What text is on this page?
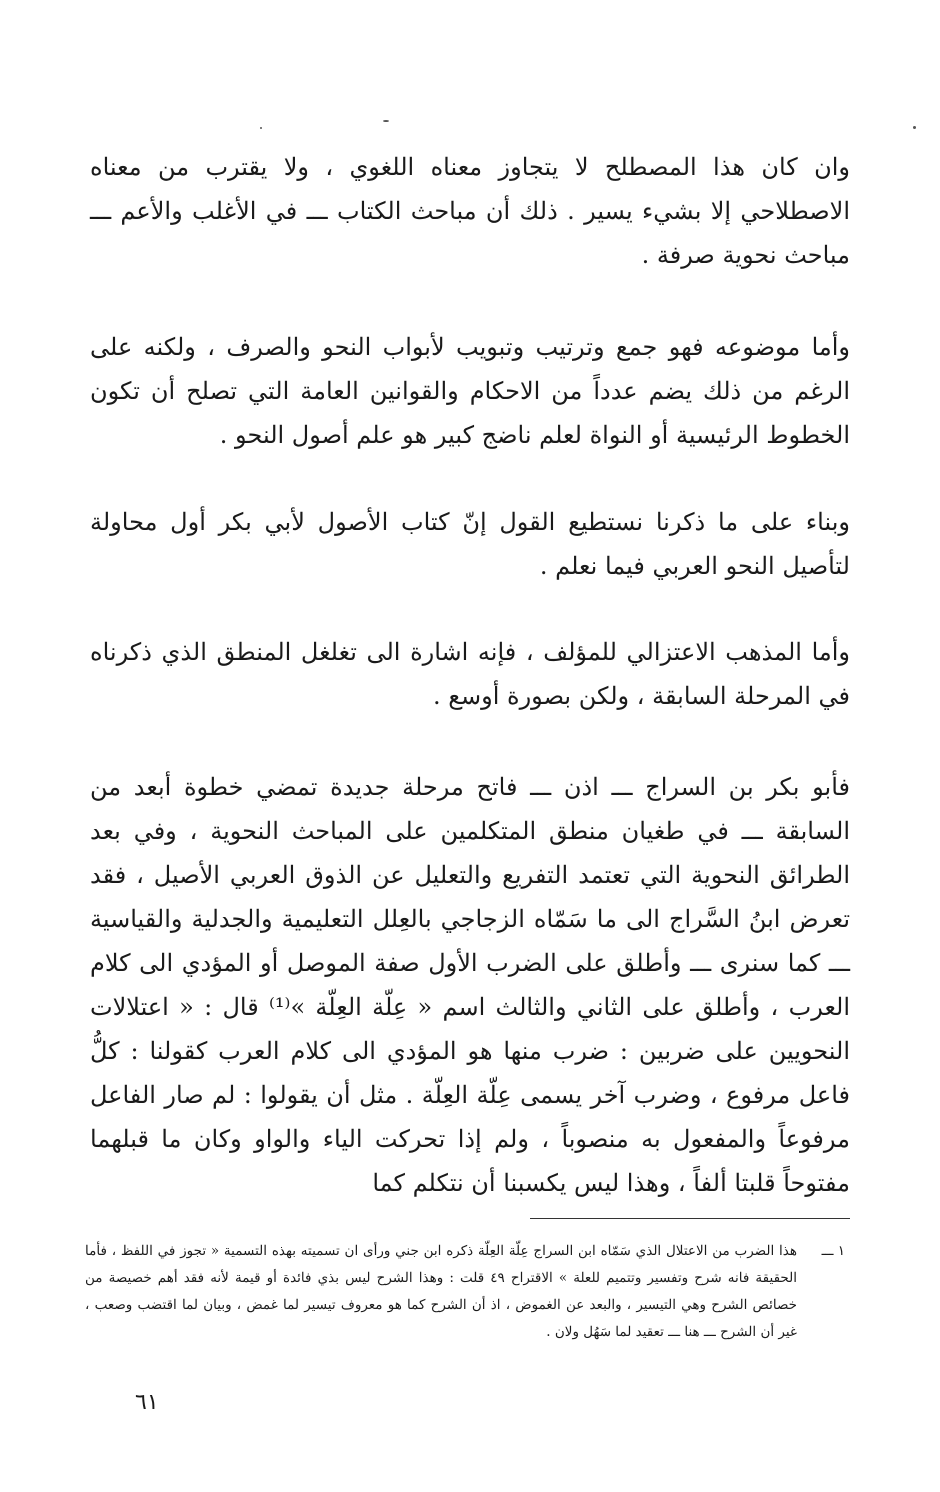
وان كان هذا المصطلح لا يتجاوز معناه اللغوي ، ولا يقترب من معناه الاصطلاحي إلا بشيء يسير . ذلك أن مباحث الكتاب ـــ في الأغلب والأعم ـــ مباحث نحوية صرفة .

وأما موضوعه فهو جمع وترتيب وتبويب لأبواب النحو والصرف ، ولكنه على الرغم من ذلك يضم عدداً من الاحكام والقوانين العامة التي تصلح أن تكون الخطوط الرئيسية أو النواة لعلم ناضج كبير هو علم أصول النحو .

وبناء على ما ذكرنا نستطيع القول إنّ كتاب الأصول لأبي بكر أول محاولة لتأصيل النحو العربي فيما نعلم .

وأما المذهب الاعتزالي للمؤلف ، فإنه اشارة الى تغلغل المنطق الذي ذكرناه في المرحلة السابقة ، ولكن بصورة أوسع .

فأبو بكر بن السراج ـــ اذن ـــ فاتح مرحلة جديدة تمضي خطوة أبعد من السابقة ـــ في طغيان منطق المتكلمين على المباحث النحوية ، وفي بعد الطرائق النحوية التي تعتمد التفريع والتعليل عن الذوق العربي الأصيل ، فقد تعرض ابنُ السَّراج الى ما سَمّاه الزجاجي بالعِلل التعليمية والجدلية والقياسية ـــ كما سنرى ـــ وأطلق على الضرب الأول صفة الموصل أو المؤدي الى كلام العرب ، وأطلق على الثاني والثالث اسم « عِلّة العِلّة »⁽¹⁾ قال : « اعتلالات النحويين على ضربين : ضرب منها هو المؤدي الى كلام العرب كقولنا : كلُّ فاعل مرفوع ، وضرب آخر يسمى عِلّة العِلّة . مثل أن يقولوا : لم صار الفاعل مرفوعاً والمفعول به منصوباً ، ولم إذا تحركت الياء والواو وكان ما قبلهما مفتوحاً قلبتا ألفاً ، وهذا ليس يكسبنا أن نتكلم كما

١ ـــ
هذا الضرب من الاعتلال الذي سَمّاه ابن السراج عِلّة العِلّة ذكره ابن جني ورأى ان تسميته بهذه التسمية « تجوز في اللفظ ، فأما الحقيقة فانه شرح وتفسير وتتميم للعلة » الاقتراح ٤٩ قلت : وهذا الشرح ليس بذي فائدة أو قيمة لأنه فقد أهم خصيصة من خصائص الشرح وهي التيسير ، والبعد عن الغموض ، اذ أن الشرح كما هو معروف تيسير لما غمض ، وبيان لما اقتضب وصعب ، غير أن الشرح ـــ هنا ـــ تعقيد لما سَهُل ولان .
٦١
